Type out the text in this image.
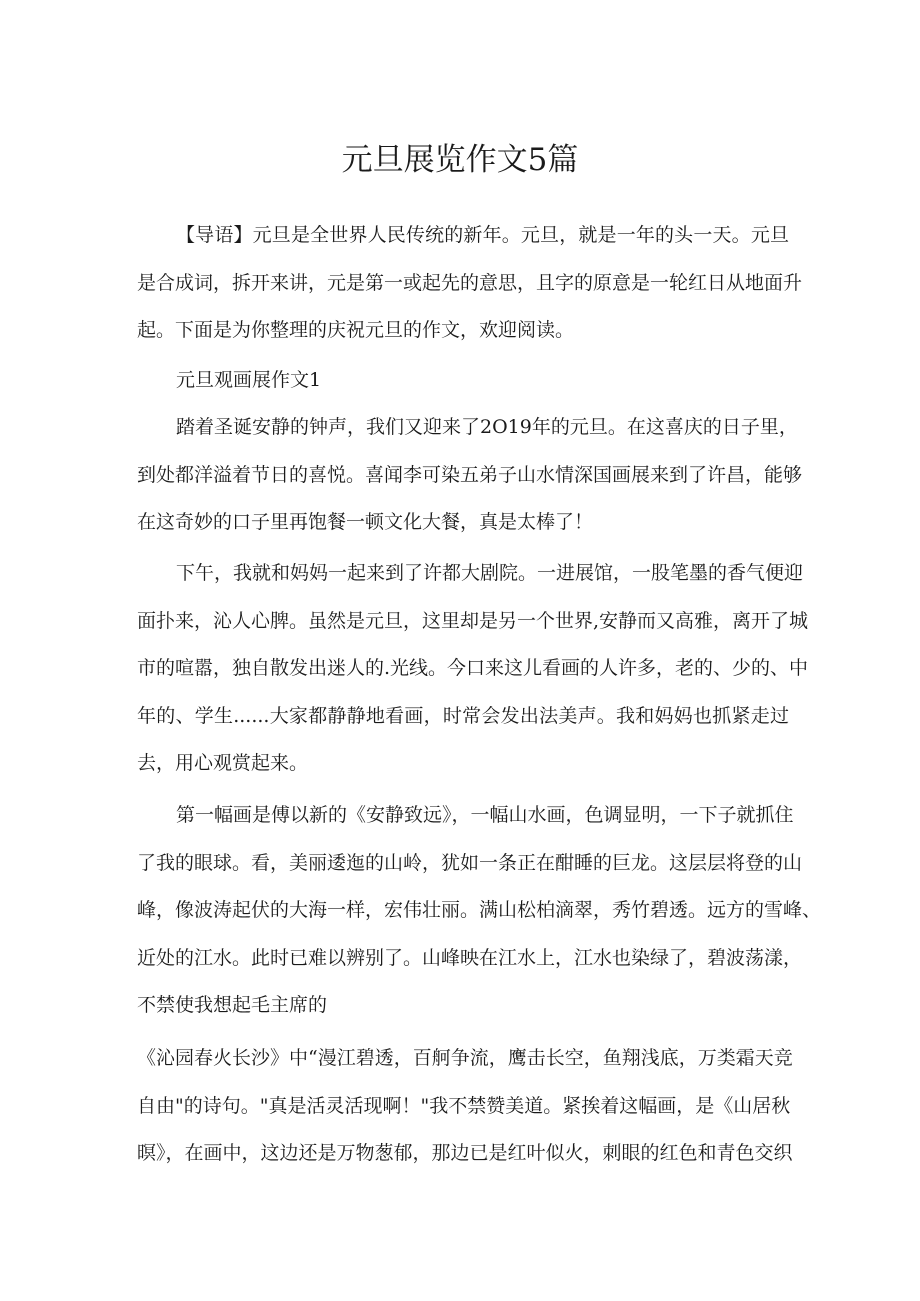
元旦展览作文5篇
【导语】元旦是全世界人民传统的新年。元旦，就是一年的头一天。元旦
是合成词，拆开来讲，元是第一或起先的意思，且字的原意是一轮红日从地面升
起。下面是为你整理的庆祝元旦的作文，欢迎阅读。
元旦观画展作文1
踏着圣诞安静的钟声，我们又迎来了2O19年的元旦。在这喜庆的日子里，
到处都洋溢着节日的喜悦。喜闻李可染五弟子山水情深国画展来到了许昌，能够
在这奇妙的口子里再饱餐一顿文化大餐，真是太棒了！
下午，我就和妈妈一起来到了许都大剧院。一进展馆，一股笔墨的香气便迎
面扑来，沁人心脾。虽然是元旦，这里却是另一个世界,安静而又高雅，离开了城
市的喧嚣，独自散发出迷人的.光线。今口来这儿看画的人许多，老的、少的、中
年的、学生......大家都静静地看画，时常会发出法美声。我和妈妈也抓紧走过
去，用心观赏起来。
第一幅画是傅以新的《安静致远》，一幅山水画，色调显明，一下子就抓住
了我的眼球。看，美丽逶迤的山岭，犹如一条正在酣睡的巨龙。这层层将登的山
峰，像波涛起伏的大海一样，宏伟壮丽。满山松柏滴翠，秀竹碧透。远方的雪峰、
近处的江水。此时已难以辨别了。山峰映在江水上，江水也染绿了，碧波荡漾，
不禁使我想起毛主席的
《沁园春火长沙》中“漫江碧透，百舸争流，鹰击长空，鱼翔浅底，万类霜天竞
自由"的诗句。"真是活灵活现啊！"我不禁赞美道。紧挨着这幅画，是《山居秋
暝》，在画中，这边还是万物葱郁，那边已是红叶似火，刺眼的红色和青色交织
